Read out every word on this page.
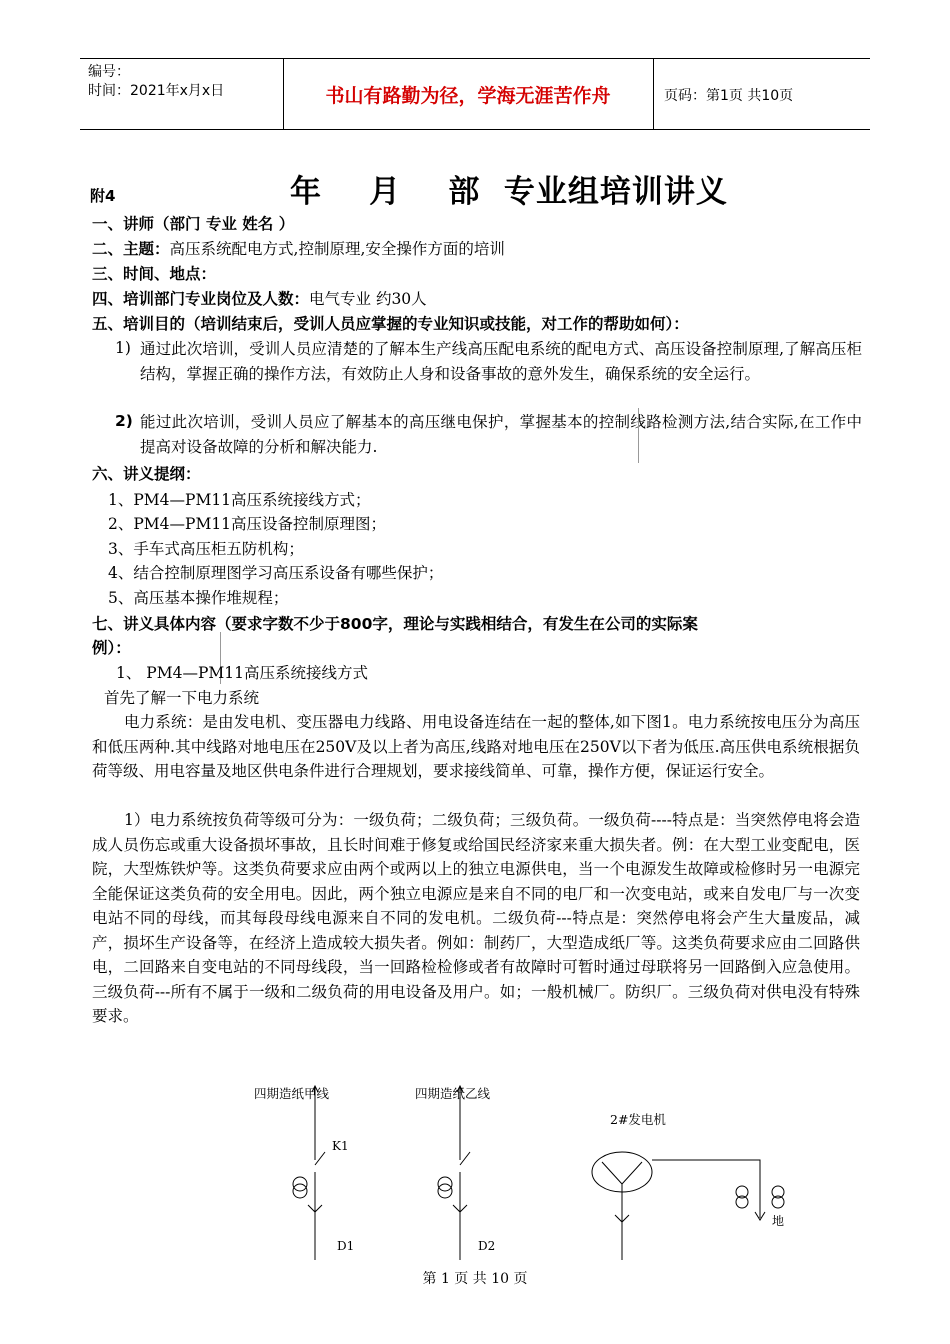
编号：
时间：2021年x月x日	书山有路勤为径，学海无涯苦作舟	页码：第1页 共10页
附4	年    月    部  专业组培训讲义
一、讲师（部门 专业 姓名 ）
二、主题：高压系统配电方式,控制原理,安全操作方面的培训
三、时间、地点：
四、培训部门专业岗位及人数：电气专业 约30人
五、培训目的（培训结束后，受训人员应掌握的专业知识或技能，对工作的帮助如何）：
1) 通过此次培训，受训人员应清楚的了解本生产线高压配电系统的配电方式、高压设备控制原理,了解高压柜结构，掌握正确的操作方法，有效防止人身和设备事故的意外发生，确保系统的安全运行。
2) 能过此次培训，受训人员应了解基本的高压继电保护，掌握基本的控制线路检测方法,结合实际,在工作中提高对设备故障的分析和解决能力.
六、讲义提纲：
1、PM4—PM11高压系统接线方式；
2、PM4—PM11高压设备控制原理图；
3、手车式高压柜五防机构；
4、结合控制原理图学习高压系设备有哪些保护；
5、高压基本操作堆规程；
七、讲义具体内容（要求字数不少于800字，理论与实践相结合，有发生在公司的实际案
例）：
1、 PM4—PM11高压系统接线方式
首先了解一下电力系统
电力系统：是由发电机、变压器电力线路、用电设备连结在一起的整体,如下图1。电力系统按电压分为高压和低压两种.其中线路对地电压在250V及以上者为高压,线路对地电压在250V以下者为低压.高压供电系统根据负荷等级、用电容量及地区供电条件进行合理规划，要求接线简单、可靠，操作方便，保证运行安全。
1）电力系统按负荷等级可分为：一级负荷；二级负荷；三级负荷。一级负荷----特点是：当突然停电将会造成人员伤忘或重大设备损坏事故，且长时间难于修复或给国民经济家来重大损失者。例：在大型工业变配电，医院，大型炼铁炉等。这类负荷要求应由两个或两以上的独立电源供电，当一个电源发生故障或检修时另一电源完全能保证这类负荷的安全用电。因此，两个独立电源应是来自不同的电厂和一次变电站，或来自发电厂与一次变电站不同的母线，而其每段母线电源来自不同的发电机。二级负荷---特点是：突然停电将会产生大量废品，减产，损坏生产设备等，在经济上造成较大损失者。例如：制药厂，大型造成纸厂等。这类负荷要求应由二回路供电，二回路来自变电站的不同母线段，当一回路检检修或者有故障时可暂时通过母联将另一回路倒入应急使用。三级负荷---所有不属于一级和二级负荷的用电设备及用户。如；一般机械厂。防织厂。三级负荷对供电没有特殊要求。
四期造纸甲线	四期造纸乙线
2#发电机
K1
D1	D2
地
第 1 页 共 10 页
